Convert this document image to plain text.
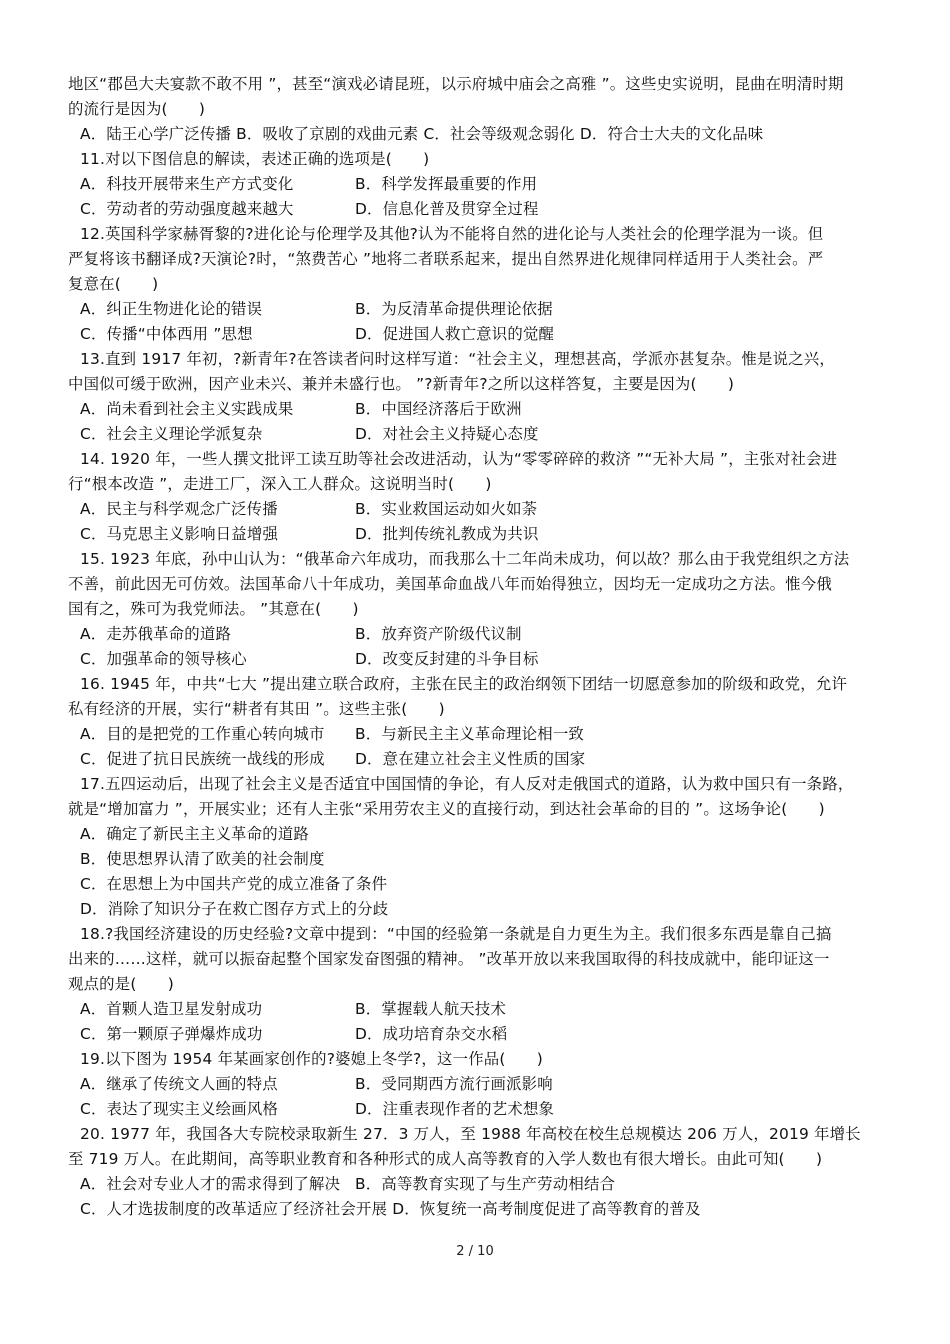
地区“郡邑大夫宴款不敢不用 ”，甚至“演戏必请昆班，以示府城中庙会之高雅 ”。这些史实说明，昆曲在明清时期
的流行是因为(　　)
A．陆王心学广泛传播 B．吸收了京剧的戏曲元素 C．社会等级观念弱化 D．符合士大夫的文化品味
11.对以下图信息的解读，表述正确的选项是(　　)
A．科技开展带来生产方式变化	B．科学发挥最重要的作用
C．劳动者的劳动强度越来越大	D．信息化普及贯穿全过程
12.英国科学家赫胥黎的?进化论与伦理学及其他?认为不能将自然的进化论与人类社会的伦理学混为一谈。但
严复将该书翻译成?天演论?时，“煞费苦心 ”地将二者联系起来，提出自然界进化规律同样适用于人类社会。严
复意在(　　)
A．纠正生物进化论的错误	B．为反清革命提供理论依据
C．传播“中体西用 ”思想	D．促进国人救亡意识的觉醒
13.直到 1917 年初，?新青年?在答读者问时这样写道：“社会主义，理想甚高，学派亦甚复杂。惟是说之兴，
中国似可缓于欧洲，因产业未兴、兼并未盛行也。 ”?新青年?之所以这样答复，主要是因为(　　)
A．尚未看到社会主义实践成果	B．中国经济落后于欧洲
C．社会主义理论学派复杂	D．对社会主义持疑心态度
14. 1920 年，一些人撰文批评工读互助等社会改进活动，认为“零零碎碎的救济 ”“无补大局 ”，主张对社会进
行“根本改造 ”，走进工厂，深入工人群众。这说明当时(　　)
A．民主与科学观念广泛传播	B．实业救国运动如火如荼
C．马克思主义影响日益增强	D．批判传统礼教成为共识
15. 1923 年底，孙中山认为：“俄革命六年成功，而我那么十二年尚未成功，何以故？那么由于我党组织之方法
不善，前此因无可仿效。法国革命八十年成功，美国革命血战八年而始得独立，因均无一定成功之方法。惟今俄
国有之，殊可为我党师法。 ”其意在(　　)
A．走苏俄革命的道路	B．放弃资产阶级代议制
C．加强革命的领导核心	D．改变反封建的斗争目标
16. 1945 年，中共“七大 ”提出建立联合政府，主张在民主的政治纲领下团结一切愿意参加的阶级和政党，允许
私有经济的开展，实行“耕者有其田 ”。这些主张(　　)
A．目的是把党的工作重心转向城市	B．与新民主主义革命理论相一致
C．促进了抗日民族统一战线的形成	D．意在建立社会主义性质的国家
17.五四运动后，出现了社会主义是否适宜中国国情的争论，有人反对走俄国式的道路，认为救中国只有一条路，
就是“增加富力 ”，开展实业；还有人主张“采用劳农主义的直接行动，到达社会革命的目的 ”。这场争论(　　)
A．确定了新民主主义革命的道路
B．使思想界认清了欧美的社会制度
C．在思想上为中国共产党的成立准备了条件
D．消除了知识分子在救亡图存方式上的分歧
18.?我国经济建设的历史经验?文章中提到：“中国的经验第一条就是自力更生为主。我们很多东西是靠自己搞
出来的……这样，就可以振奋起整个国家发奋图强的精神。 ”改革开放以来我国取得的科技成就中，能印证这一
观点的是(　　)
A．首颗人造卫星发射成功	B．掌握载人航天技术
C．第一颗原子弹爆炸成功	D．成功培育杂交水稻
19.以下图为 1954 年某画家创作的?婆媳上冬学?，这一作品(　　)
A．继承了传统文人画的特点	B．受同期西方流行画派影响
C．表达了现实主义绘画风格	D．注重表现作者的艺术想象
20. 1977 年，我国各大专院校录取新生 27．3 万人，至 1988 年高校在校生总规模达 206 万人，2019 年增长
至 719 万人。在此期间，高等职业教育和各种形式的成人高等教育的入学人数也有很大增长。由此可知(　　)
A．社会对专业人才的需求得到了解决 B．高等教育实现了与生产劳动相结合
C．人才选拔制度的改革适应了经济社会开展 D．恢复统一高考制度促进了高等教育的普及
2 / 10
